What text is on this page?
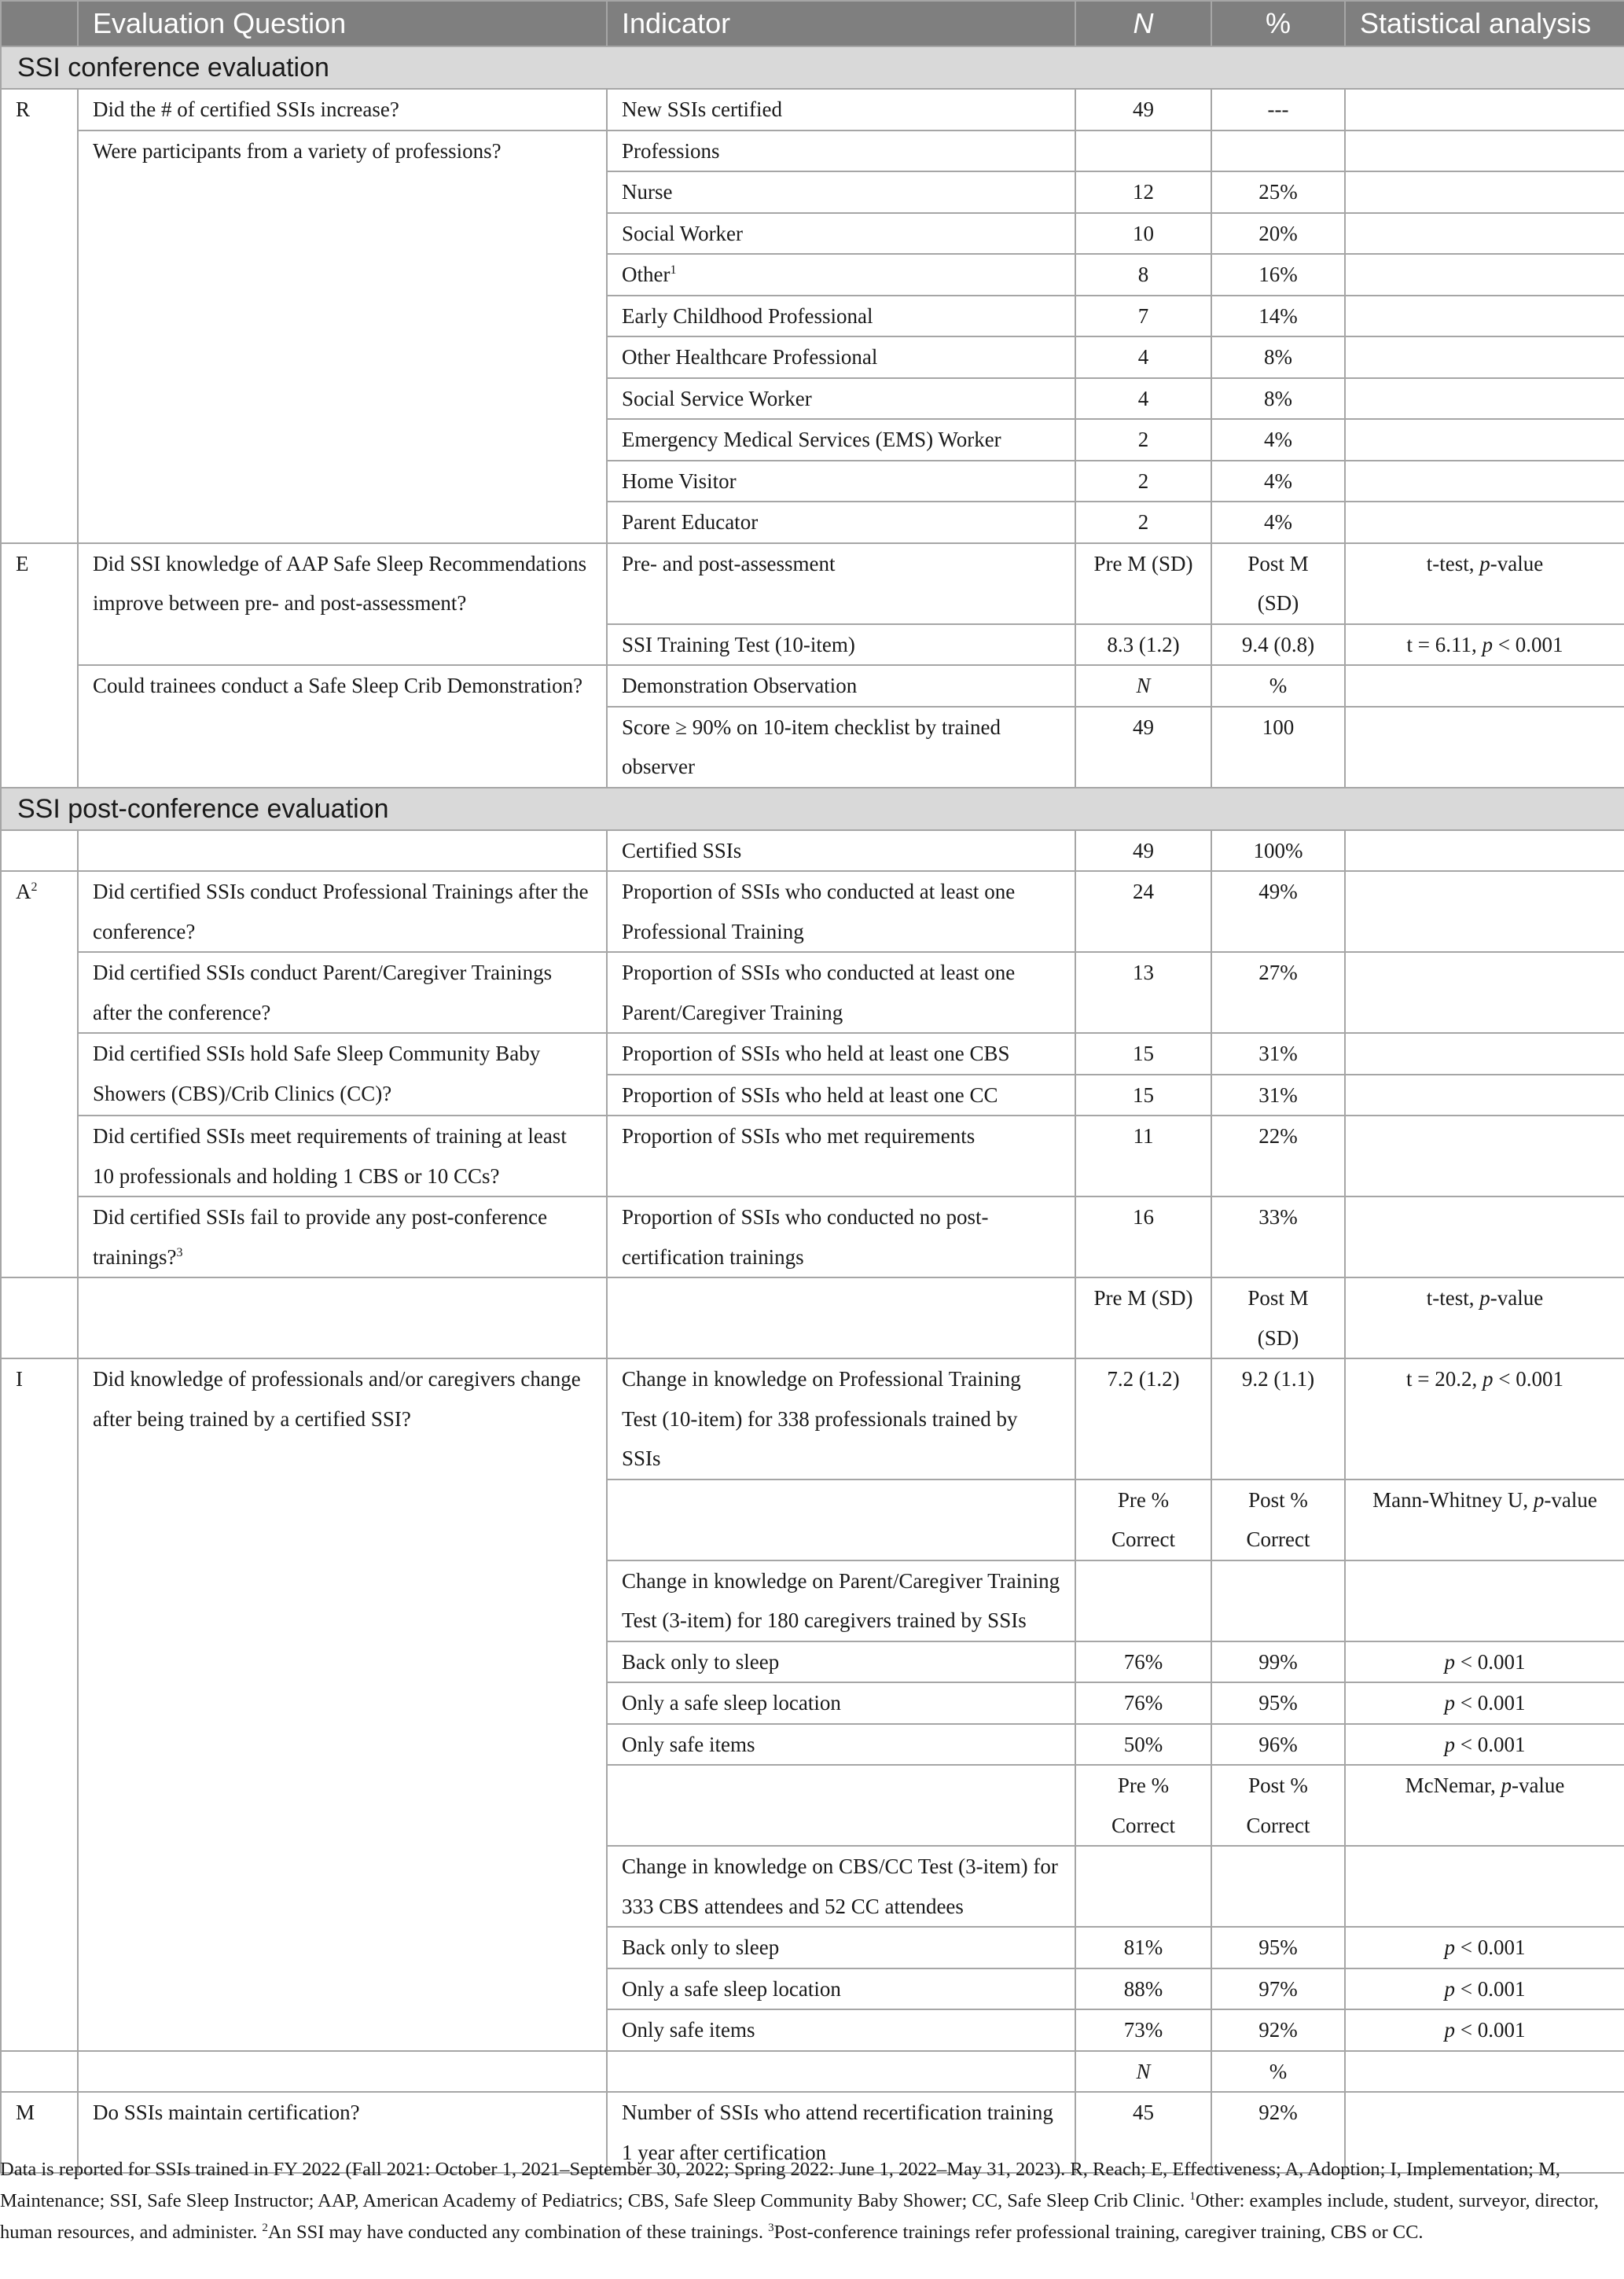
	Evaluation Question	Indicator	N	%	Statistical analysis
SSI conference evaluation					
R	Did the # of certified SSIs increase?	New SSIs certified	49	---	
	Were participants from a variety of professions?	Professions			
		Nurse	12	25%	
		Social Worker	10	20%	
		Other$^1$	8	16%	
		Early Childhood Professional	7	14%	
		Other Healthcare Professional	4	8%	
		Social Service Worker	4	8%	
		Emergency Medical Services (EMS) Worker	2	4%	
		Home Visitor	2	4%	
		Parent Educator	2	4%	
E	Did SSI knowledge of AAP Safe Sleep Recommendations improve between pre- and post-assessment?	Pre- and post-assessment	Pre M (SD)	Post M (SD)	t-test, p-value
		SSI Training Test (10-item)	8.3 (1.2)	9.4 (0.8)	t = 6.11, p < 0.001
	Could trainees conduct a Safe Sleep Crib Demonstration?	Demonstration Observation	N	%	
		Score ≥ 90% on 10-item checklist by trained observer	49	100	

SSI post-conference evaluation					
		Certified SSIs	49	100%	
$A^2$	Did certified SSIs conduct Professional Trainings after the conference?	Proportion of SSIs who conducted at least one Professional Training	24	49%	
	Did certified SSIs conduct Parent/Caregiver Trainings after the conference?	Proportion of SSIs who conducted at least one Parent/Caregiver Training	13	27%	
	Did certified SSIs hold Safe Sleep Community Baby Showers (CBS)/Crib Clinics (CC)?	Proportion of SSIs who held at least one CBS	15	31%	
		Proportion of SSIs who held at least one CC	15	31%	
	Did certified SSIs meet requirements of training at least 10 professionals and holding 1 CBS or 10 CCs?	Proportion of SSIs who met requirements	11	22%	
	Did certified SSIs fail to provide any post-conference trainings?$^3$	Proportion of SSIs who conducted no post-certification trainings	16	33%	
			Pre M (SD)	Post M (SD)	t-test, p-value
I	Did knowledge of professionals and/or caregivers change after being trained by a certified SSI?	Change in knowledge on Professional Training Test (10-item) for 338 professionals trained by SSIs	7.2 (1.2)	9.2 (1.1)	t = 20.2, p < 0.001
			Pre % Correct	Post % Correct	Mann-Whitney U, p-value
		Change in knowledge on Parent/Caregiver Training Test (3-item) for 180 caregivers trained by SSIs			
		Back only to sleep	76%	99%	p < 0.001
		Only a safe sleep location	76%	95%	p < 0.001
		Only safe items	50%	96%	p < 0.001
			Pre % Correct	Post % Correct	McNemar, p-value
		Change in knowledge on CBS/CC Test (3-item) for 333 CBS attendees and 52 CC attendees			
		Back only to sleep	81%	95%	p < 0.001
		Only a safe sleep location	88%	97%	p < 0.001
		Only safe items	73%	92%	p < 0.001
			N	%	
M	Do SSIs maintain certification?	Number of SSIs who attend recertification training 1 year after certification	45	92%	
Data is reported for SSIs trained in FY 2022 (Fall 2021: October 1, 2021–September 30, 2022; Spring 2022: June 1, 2022–May 31, 2023). R, Reach; E, Effectiveness; A, Adoption; I, Implementation; M, Maintenance; SSI, Safe Sleep Instructor; AAP, American Academy of Pediatrics; CBS, Safe Sleep Community Baby Shower; CC, Safe Sleep Crib Clinic. $^1$Other: examples include, student, surveyor, director, human resources, and administer. $^2$An SSI may have conducted any combination of these trainings. $^3$Post-conference trainings refer professional training, caregiver training, CBS or CC.
